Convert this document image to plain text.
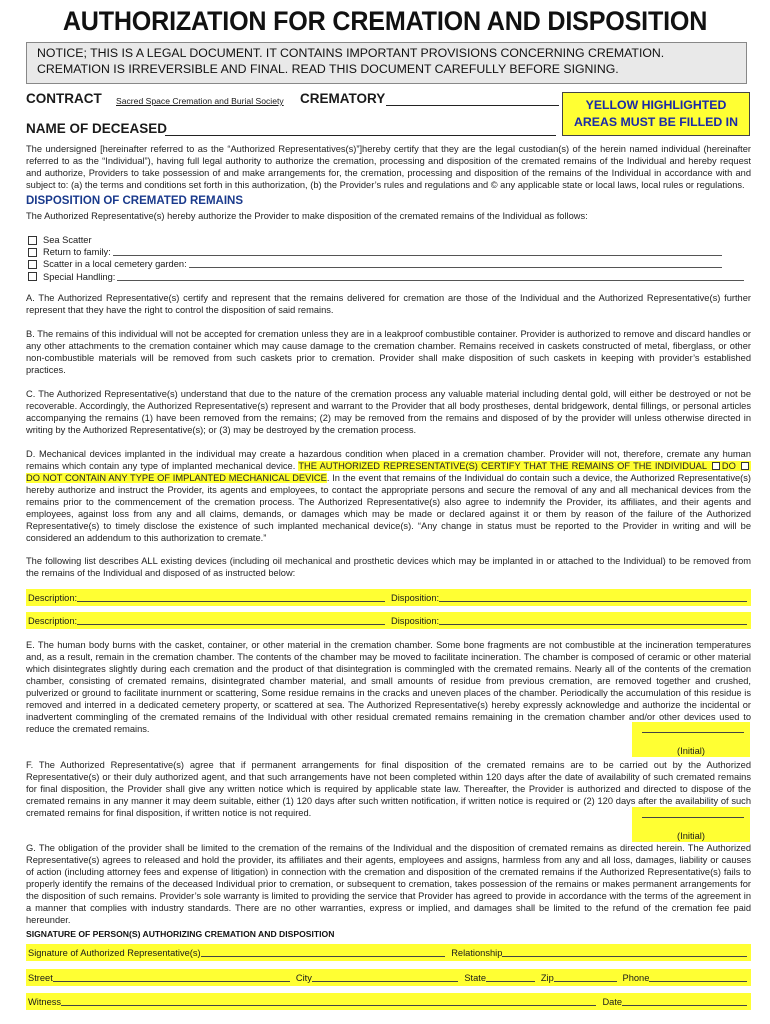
AUTHORIZATION FOR CREMATION AND DISPOSITION
NOTICE; THIS IS A LEGAL DOCUMENT. IT CONTAINS IMPORTANT PROVISIONS CONCERNING CREMATION. CREMATION IS IRREVERSIBLE AND FINAL. READ THIS DOCUMENT CAREFULLY BEFORE SIGNING.
CONTRACT Sacred Space Cremation and Burial Society CREMATORY
NAME OF DECEASED
YELLOW HIGHLIGHTED
AREAS MUST BE FILLED IN
The undersigned [hereinafter referred to as the “Authorized Representatives(s)”]hereby certify that they are the legal custodian(s) of the herein named individual (hereinafter referred to as the “Individual”), having full legal authority to authorize the cremation, processing and disposition of the cremated remains of the Individual and hereby request and authorize, Providers to take possession of and make arrangements for, the cremation, processing and disposition of the remains of the Individual in accordance with and subject to: (a) the terms and conditions set forth in this authorization, (b) the Provider’s rules and regulations and © any applicable state or local laws, local rules or regulations.
DISPOSITION OF CREMATED REMAINS
The Authorized Representative(s) hereby authorize the Provider to make disposition of the cremated remains of the Individual as follows:
Sea Scatter
Return to family:
Scatter in a local cemetery garden:
Special Handling:
A. The Authorized Representative(s) certify and represent that the remains delivered for cremation are those of the Individual and the Authorized Representative(s) further represent that they have the right to control the disposition of said remains.
B. The remains of this individual will not be accepted for cremation unless they are in a leakproof combustible container. Provider is authorized to remove and discard handles or any other attachments to the cremation container which may cause damage to the cremation chamber. Remains received in caskets constructed of metal, fiberglass, or other non-combustible materials will be removed from such caskets prior to cremation. Provider shall make disposition of such caskets in keeping with provider’s established practices.
C. The Authorized Representative(s) understand that due to the nature of the cremation process any valuable material including dental gold, will either be destroyed or not be recoverable. Accordingly, the Authorized Representative(s) represent and warrant to the Provider that all body prostheses, dental bridgework, dental fillings, or personal articles accompanying the remains (1) have been removed from the remains; (2) may be removed from the remains and disposed of by the provider will unless otherwise directed in writing by the Authorized Representative(s); or (3) may be destroyed by the cremation process.
D. Mechanical devices implanted in the individual may create a hazardous condition when placed in a cremation chamber. Provider will not, therefore, cremate any human remains which contain any type of implanted mechanical device. THE AUTHORIZED REPRESENTATIVE(S) CERTIFY THAT THE REMAINS OF THE INDIVIDUAL DO DO NOT CONTAIN ANY TYPE OF IMPLANTED MECHANICAL DEVICE. In the event that remains of the Individual do contain such a device, the Authorized Representative(s) hereby authorize and instruct the Provider, its agents and employees, to contact the appropriate persons and secure the removal of any and all mechanical devices from the remains prior to the commencement of the cremation process. The Authorized Representative(s) also agree to indemnify the Provider, its affiliates, and their agents and employees, against loss from any and all claims, demands, or damages which may be made or declared against it or them by reason of the failure of the Authorized Representative(s) to timely disclose the existence of such implanted mechanical device(s). “Any change in status must be reported to the Provider in writing and will be considered an addendum to this authorization to cremate.”
The following list describes ALL existing devices (including oil mechanical and prosthetic devices which may be implanted in or attached to the Individual) to be removed from the remains of the Individual and disposed of as instructed below:
Description:	Disposition:
Description:	Disposition:
E. The human body burns with the casket, container, or other material in the cremation chamber. Some bone fragments are not combustible at the incineration temperatures and, as a result, remain in the cremation chamber. The contents of the chamber may be moved to facilitate incineration. The chamber is composed of ceramic or other material which disintegrates slightly during each cremation and the product of that disintegration is commingled with the cremated remains. Nearly all of the contents of the cremation chamber, consisting of cremated remains, disintegrated chamber material, and small amounts of residue from previous cremation, are removed together and crushed, pulverized or ground to facilitate inurnment or scattering, Some residue remains in the cracks and uneven places of the chamber. Periodically the accumulation of this residue is removed and interred in a dedicated cemetery property, or scattered at sea. The Authorized Representative(s) hereby expressly acknowledge and authorize the incidental or inadvertent commingling of the cremated remains of the Individual with other residual cremated remains remaining in the cremation chamber and/or other devices used to reduce the cremated remains.
(Initial)
F. The Authorized Representative(s) agree that if permanent arrangements for final disposition of the cremated remains are to be carried out by the Authorized Representative(s) or their duly authorized agent, and that such arrangements have not been completed within 120 days after the date of availability of such cremated remains for final disposition, the Provider shall give any written notice which is required by applicable state law. Thereafter, the Provider is authorized and directed to dispose of the cremated remains in any manner it may deem suitable, either (1) 120 days after such written notification, if written notice is required or (2) 120 days after the availability of such cremated remains for final disposition, if written notice is not required.
(Initial)
G. The obligation of the provider shall be limited to the cremation of the remains of the Individual and the disposition of cremated remains as directed herein. The Authorized Representative(s) agrees to released and hold the provider, its affiliates and their agents, employees and assigns, harmless from any and all loss, damages, liability or causes of action (including attorney fees and expense of litigation) in connection with the cremation and disposition of the cremated remains if the Authorized Representative(s) fails to properly identify the remains of the deceased Individual prior to cremation, or subsequent to cremation, takes possession of the remains or makes permanent arrangements for the disposition of such remains. Provider’s sole warranty is limited to providing the service that Provider has agreed to provide in accordance with the terms of the agreement in a manner that complies with industry standards. There are no other warranties, express or implied, and damages shall be limited to the refund of the cremation fee paid hereunder.
SIGNATURE OF PERSON(S) AUTHORIZING CREMATION AND DISPOSITION
Signature of Authorized Representative(s)	Relationship
Street	City	State	Zip	Phone
Witness	Date
